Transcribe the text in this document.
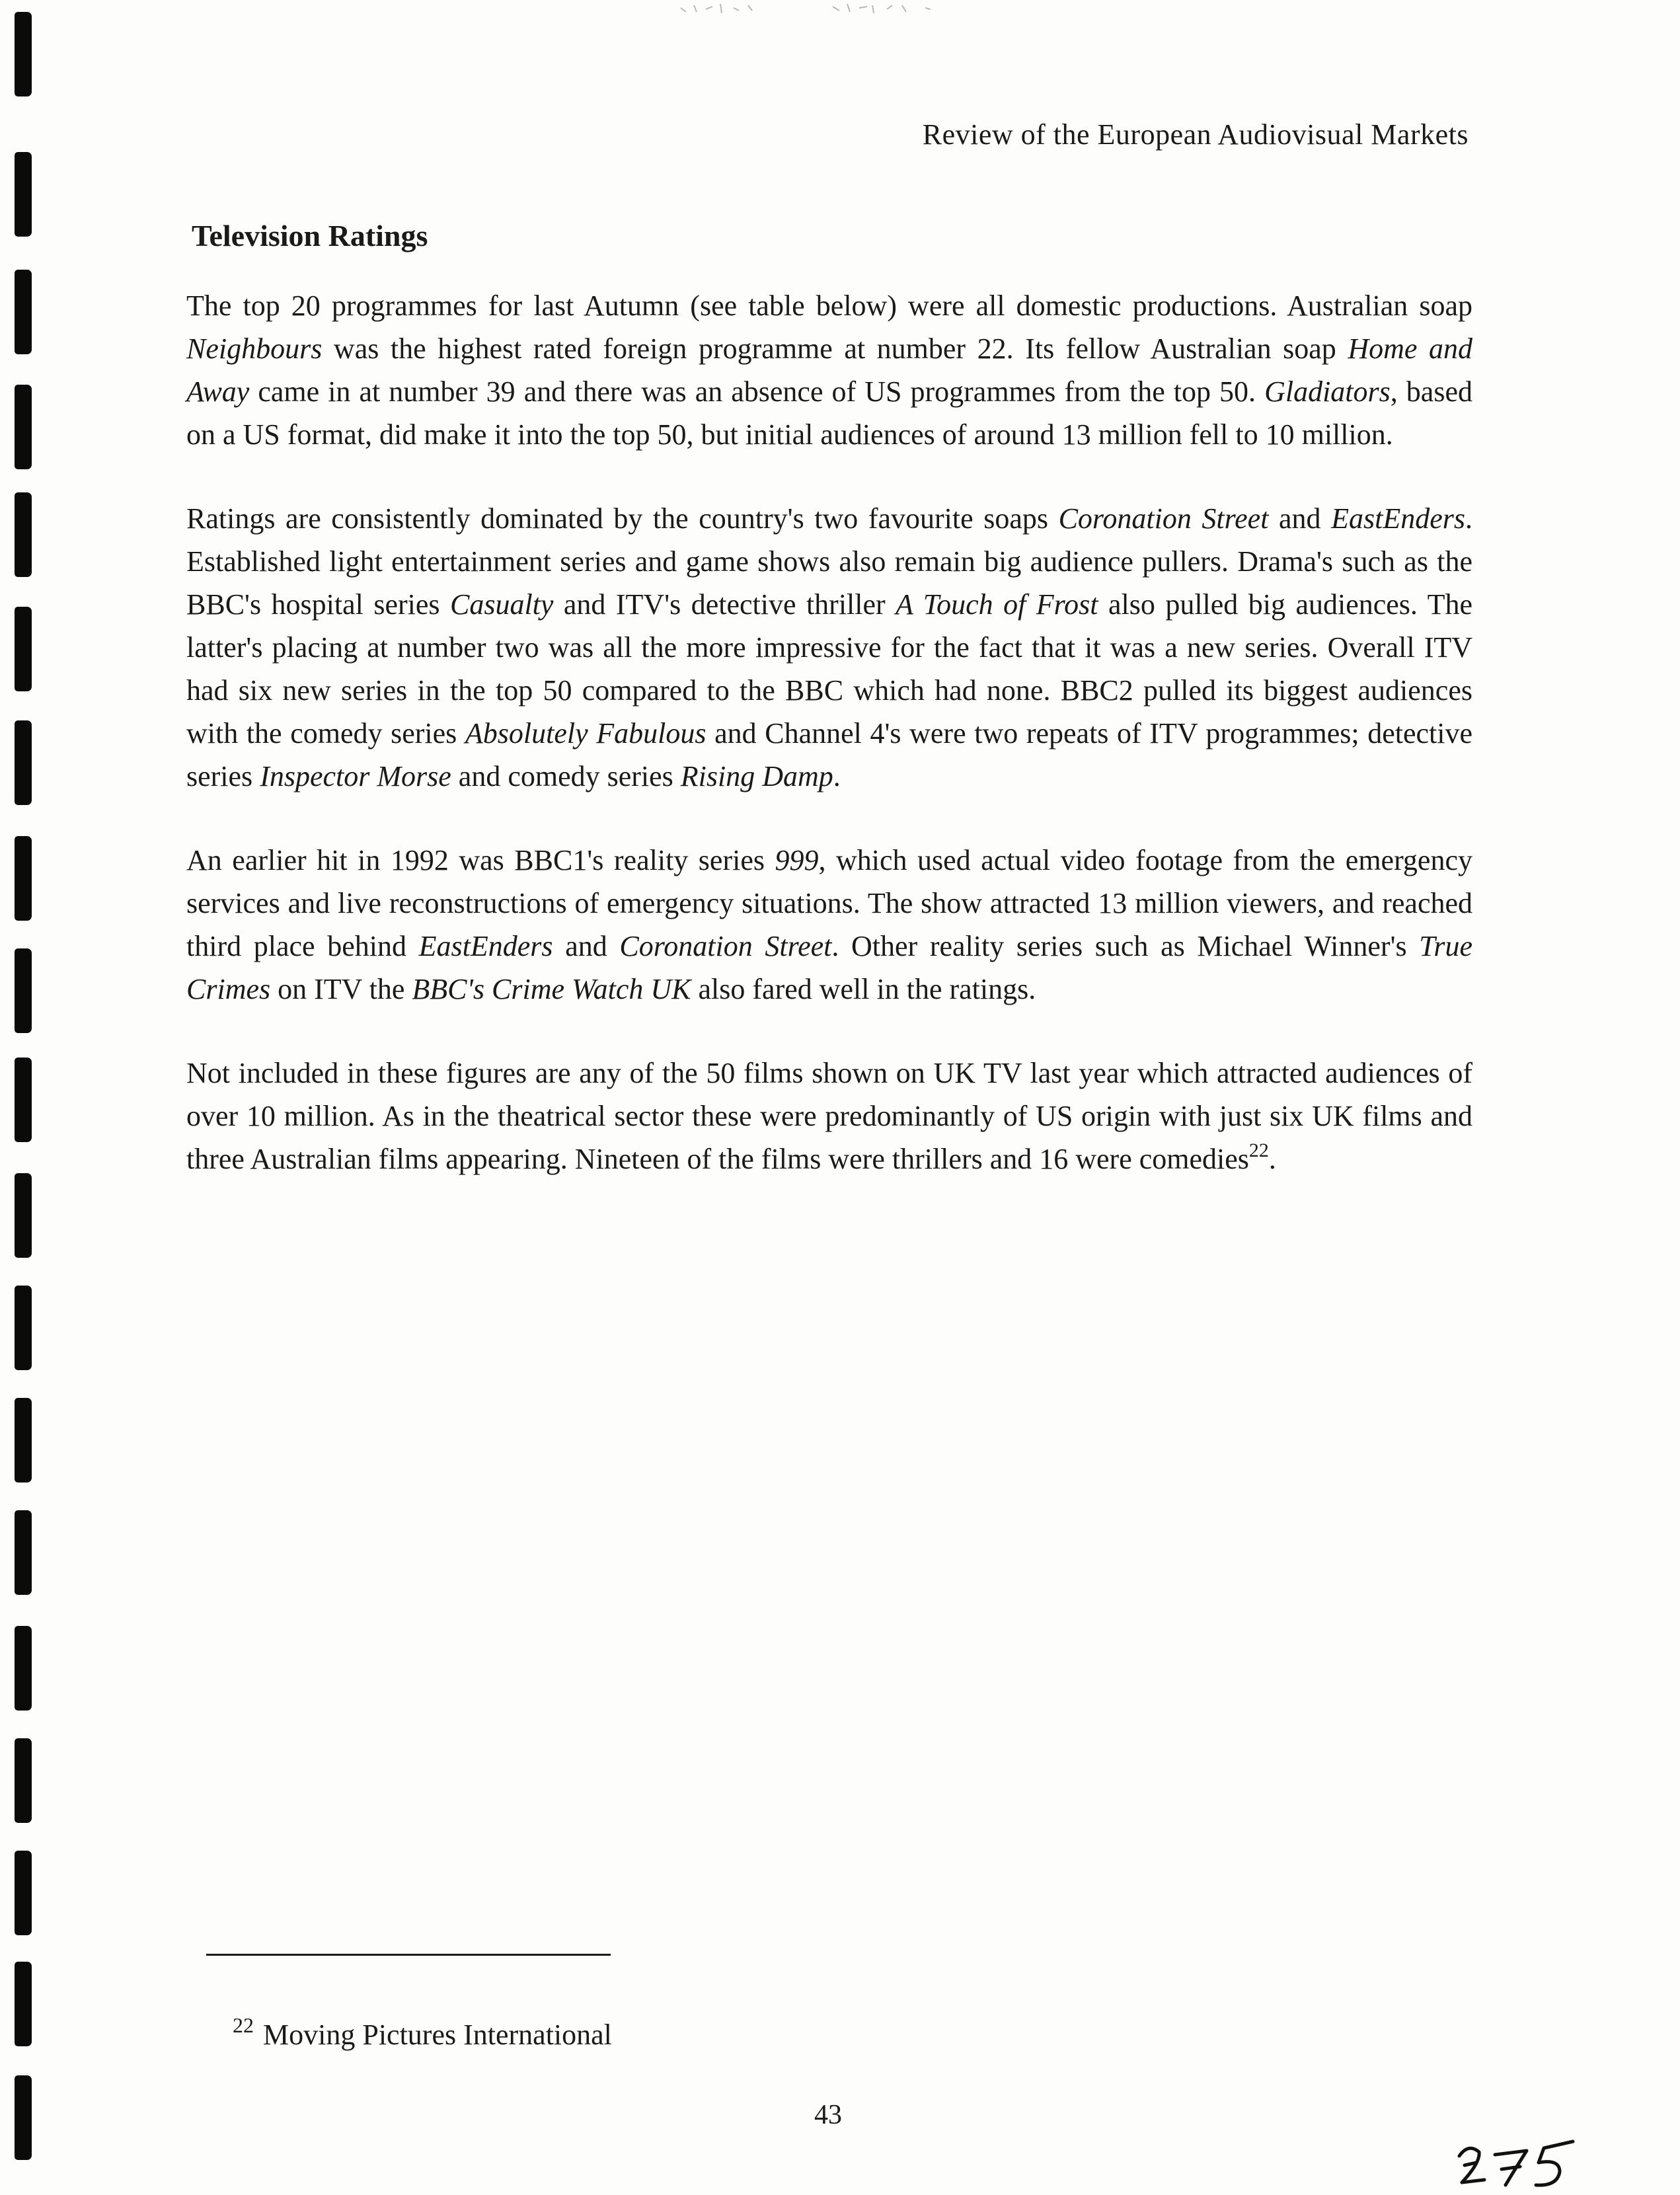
Review of the European Audiovisual Markets
Television Ratings

The top 20 programmes for last Autumn (see table below) were all domestic productions. Australian soap Neighbours was the highest rated foreign programme at number 22. Its fellow Australian soap Home and Away came in at number 39 and there was an absence of US programmes from the top 50. Gladiators, based on a US format, did make it into the top 50, but initial audiences of around 13 million fell to 10 million.

Ratings are consistently dominated by the country's two favourite soaps Coronation Street and EastEnders. Established light entertainment series and game shows also remain big audience pullers. Drama's such as the BBC's hospital series Casualty and ITV's detective thriller A Touch of Frost also pulled big audiences. The latter's placing at number two was all the more impressive for the fact that it was a new series. Overall ITV had six new series in the top 50 compared to the BBC which had none. BBC2 pulled its biggest audiences with the comedy series Absolutely Fabulous and Channel 4's were two repeats of ITV programmes; detective series Inspector Morse and comedy series Rising Damp.

An earlier hit in 1992 was BBC1's reality series 999, which used actual video footage from the emergency services and live reconstructions of emergency situations. The show attracted 13 million viewers, and reached third place behind EastEnders and Coronation Street. Other reality series such as Michael Winner's True Crimes on ITV the BBC's Crime Watch UK also fared well in the ratings.

Not included in these figures are any of the 50 films shown on UK TV last year which attracted audiences of over 10 million. As in the theatrical sector these were predominantly of US origin with just six UK films and three Australian films appearing. Nineteen of the films were thrillers and 16 were comedies$^{22}$.

$^{22}$ Moving Pictures International
43
